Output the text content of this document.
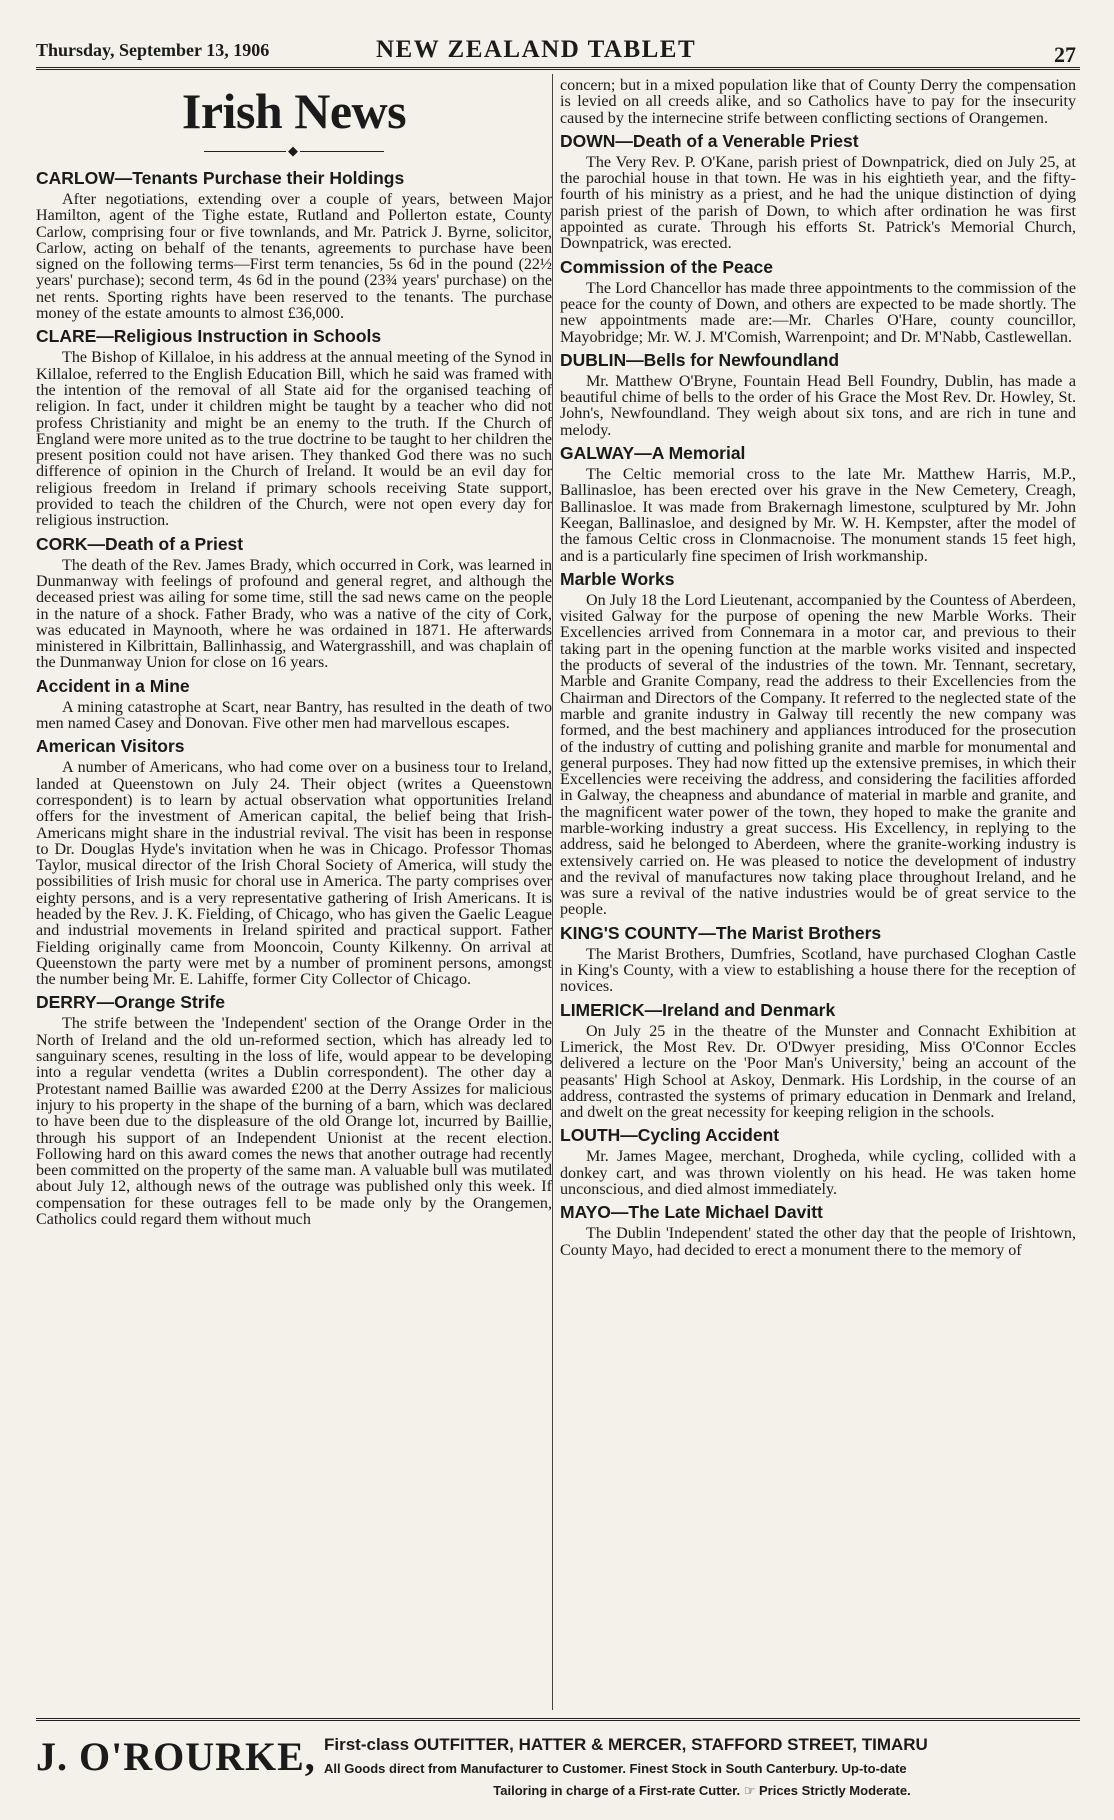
Thursday, September 13, 1906	NEW ZEALAND TABLET	27
Irish News
◆
CARLOW—Tenants Purchase their Holdings

After negotiations, extending over a couple of years, between Major Hamilton, agent of the Tighe estate, Rutland and Pollerton estate, County Carlow, comprising four or five townlands, and Mr. Patrick J. Byrne, solicitor, Carlow, acting on behalf of the tenants, agreements to purchase have been signed on the following terms—First term tenancies, 5s 6d in the pound (22½ years' purchase); second term, 4s 6d in the pound (23¾ years' purchase) on the net rents. Sporting rights have been reserved to the tenants. The purchase money of the estate amounts to almost £36,000.

CLARE—Religious Instruction in Schools

The Bishop of Killaloe, in his address at the annual meeting of the Synod in Killaloe, referred to the English Education Bill, which he said was framed with the intention of the removal of all State aid for the organised teaching of religion. In fact, under it children might be taught by a teacher who did not profess Christianity and might be an enemy to the truth. If the Church of England were more united as to the true doctrine to be taught to her children the present position could not have arisen. They thanked God there was no such difference of opinion in the Church of Ireland. It would be an evil day for religious freedom in Ireland if primary schools receiving State support, provided to teach the children of the Church, were not open every day for religious instruction.

CORK—Death of a Priest

The death of the Rev. James Brady, which occurred in Cork, was learned in Dunmanway with feelings of profound and general regret, and although the deceased priest was ailing for some time, still the sad news came on the people in the nature of a shock. Father Brady, who was a native of the city of Cork, was educated in Maynooth, where he was ordained in 1871. He afterwards ministered in Kilbrittain, Ballinhassig, and Watergrasshill, and was chaplain of the Dunmanway Union for close on 16 years.

Accident in a Mine

A mining catastrophe at Scart, near Bantry, has resulted in the death of two men named Casey and Donovan. Five other men had marvellous escapes.

American Visitors

A number of Americans, who had come over on a business tour to Ireland, landed at Queenstown on July 24. Their object (writes a Queenstown correspondent) is to learn by actual observation what opportunities Ireland offers for the investment of American capital, the belief being that Irish-Americans might share in the industrial revival. The visit has been in response to Dr. Douglas Hyde's invitation when he was in Chicago. Professor Thomas Taylor, musical director of the Irish Choral Society of America, will study the possibilities of Irish music for choral use in America. The party comprises over eighty persons, and is a very representative gathering of Irish Americans. It is headed by the Rev. J. K. Fielding, of Chicago, who has given the Gaelic League and industrial movements in Ireland spirited and practical support. Father Fielding originally came from Mooncoin, County Kilkenny. On arrival at Queenstown the party were met by a number of prominent persons, amongst the number being Mr. E. Lahiffe, former City Collector of Chicago.

DERRY—Orange Strife

The strife between the 'Independent' section of the Orange Order in the North of Ireland and the old un-reformed section, which has already led to sanguinary scenes, resulting in the loss of life, would appear to be developing into a regular vendetta (writes a Dublin correspondent). The other day a Protestant named Baillie was awarded £200 at the Derry Assizes for malicious injury to his property in the shape of the burning of a barn, which was declared to have been due to the displeasure of the old Orange lot, incurred by Baillie, through his support of an Independent Unionist at the recent election. Following hard on this award comes the news that another outrage had recently been committed on the property of the same man. A valuable bull was mutilated about July 12, although news of the outrage was published only this week. If compensation for these outrages fell to be made only by the Orangemen, Catholics could regard them without much

concern; but in a mixed population like that of County Derry the compensation is levied on all creeds alike, and so Catholics have to pay for the insecurity caused by the internecine strife between conflicting sections of Orangemen.

DOWN—Death of a Venerable Priest

The Very Rev. P. O'Kane, parish priest of Downpatrick, died on July 25, at the parochial house in that town. He was in his eightieth year, and the fifty-fourth of his ministry as a priest, and he had the unique distinction of dying parish priest of the parish of Down, to which after ordination he was first appointed as curate. Through his efforts St. Patrick's Memorial Church, Downpatrick, was erected.

Commission of the Peace

The Lord Chancellor has made three appointments to the commission of the peace for the county of Down, and others are expected to be made shortly. The new appointments made are:—Mr. Charles O'Hare, county councillor, Mayobridge; Mr. W. J. M'Comish, Warrenpoint; and Dr. M'Nabb, Castlewellan.

DUBLIN—Bells for Newfoundland

Mr. Matthew O'Bryne, Fountain Head Bell Foundry, Dublin, has made a beautiful chime of bells to the order of his Grace the Most Rev. Dr. Howley, St. John's, Newfoundland. They weigh about six tons, and are rich in tune and melody.

GALWAY—A Memorial

The Celtic memorial cross to the late Mr. Matthew Harris, M.P., Ballinasloe, has been erected over his grave in the New Cemetery, Creagh, Ballinasloe. It was made from Brakernagh limestone, sculptured by Mr. John Keegan, Ballinasloe, and designed by Mr. W. H. Kempster, after the model of the famous Celtic cross in Clonmacnoise. The monument stands 15 feet high, and is a particularly fine specimen of Irish workmanship.

Marble Works

On July 18 the Lord Lieutenant, accompanied by the Countess of Aberdeen, visited Galway for the purpose of opening the new Marble Works. Their Excellencies arrived from Connemara in a motor car, and previous to their taking part in the opening function at the marble works visited and inspected the products of several of the industries of the town. Mr. Tennant, secretary, Marble and Granite Company, read the address to their Excellencies from the Chairman and Directors of the Company. It referred to the neglected state of the marble and granite industry in Galway till recently the new company was formed, and the best machinery and appliances introduced for the prosecution of the industry of cutting and polishing granite and marble for monumental and general purposes. They had now fitted up the extensive premises, in which their Excellencies were receiving the address, and considering the facilities afforded in Galway, the cheapness and abundance of material in marble and granite, and the magnificent water power of the town, they hoped to make the granite and marble-working industry a great success. His Excellency, in replying to the address, said he belonged to Aberdeen, where the granite-working industry is extensively carried on. He was pleased to notice the development of industry and the revival of manufactures now taking place throughout Ireland, and he was sure a revival of the native industries would be of great service to the people.

KING'S COUNTY—The Marist Brothers

The Marist Brothers, Dumfries, Scotland, have purchased Cloghan Castle in King's County, with a view to establishing a house there for the reception of novices.

LIMERICK—Ireland and Denmark

On July 25 in the theatre of the Munster and Connacht Exhibition at Limerick, the Most Rev. Dr. O'Dwyer presiding, Miss O'Connor Eccles delivered a lecture on the 'Poor Man's University,' being an account of the peasants' High School at Askoy, Denmark. His Lordship, in the course of an address, contrasted the systems of primary education in Denmark and Ireland, and dwelt on the great necessity for keeping religion in the schools.

LOUTH—Cycling Accident

Mr. James Magee, merchant, Drogheda, while cycling, collided with a donkey cart, and was thrown violently on his head. He was taken home unconscious, and died almost immediately.

MAYO—The Late Michael Davitt

The Dublin 'Independent' stated the other day that the people of Irishtown, County Mayo, had decided to erect a monument there to the memory of

J. O'ROURKE, First-class OUTFITTER, HATTER & MERCER, STAFFORD STREET, TIMARU
All Goods direct from Manufacturer to Customer. Finest Stock in South Canterbury. Up-to-date
Tailoring in charge of a First-rate Cutter. ☞ Prices Strictly Moderate.
